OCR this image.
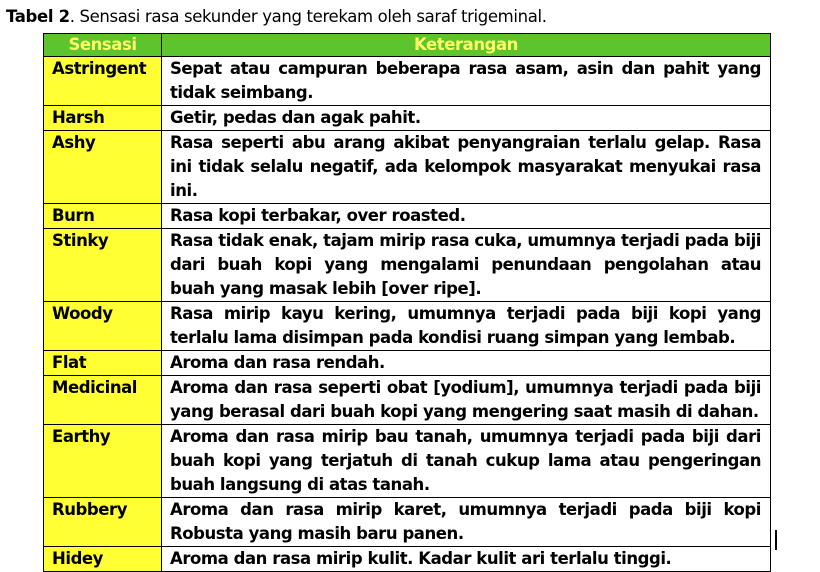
Tabel 2. Sensasi rasa sekunder yang terekam oleh saraf trigeminal.
Sensasi	Keterangan
Astringent	Sepat atau campuran beberapa rasa asam, asin dan pahit yang tidak seimbang.
Harsh	Getir, pedas dan agak pahit.
Ashy	Rasa seperti abu arang akibat penyangraian terlalu gelap. Rasa ini tidak selalu negatif, ada kelompok masyarakat menyukai rasa ini.
Burn	Rasa kopi terbakar, over roasted.
Stinky	Rasa tidak enak, tajam mirip rasa cuka, umumnya terjadi pada biji dari buah kopi yang mengalami penundaan pengolahan atau buah yang masak lebih [over ripe].
Woody	Rasa mirip kayu kering, umumnya terjadi pada biji kopi yang terlalu lama disimpan pada kondisi ruang simpan yang lembab.
Flat	Aroma dan rasa rendah.
Medicinal	Aroma dan rasa seperti obat [yodium], umumnya terjadi pada biji yang berasal dari buah kopi yang mengering saat masih di dahan.
Earthy	Aroma dan rasa mirip bau tanah, umumnya terjadi pada biji dari buah kopi yang terjatuh di tanah cukup lama atau pengeringan buah langsung di atas tanah.
Rubbery	Aroma dan rasa mirip karet, umumnya terjadi pada biji kopi Robusta yang masih baru panen.
Hidey	Aroma dan rasa mirip kulit. Kadar kulit ari terlalu tinggi.
